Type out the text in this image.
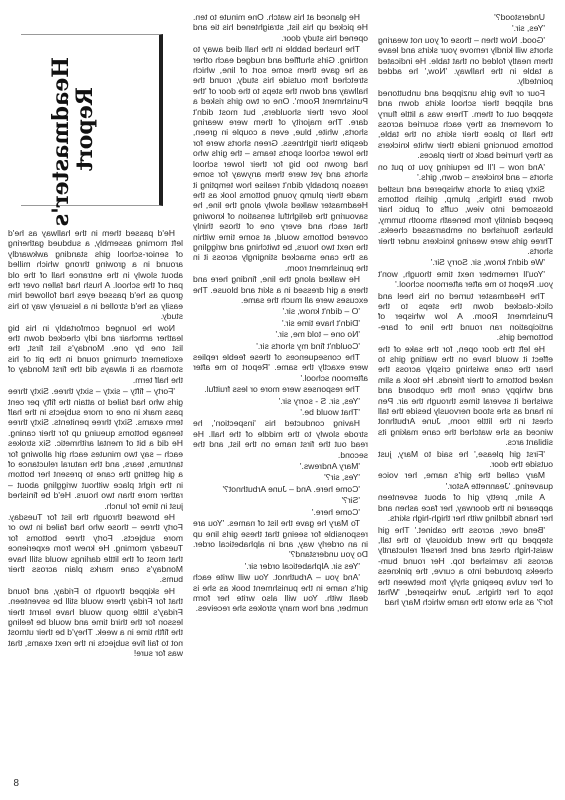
Understood?'

'Yes, sir.'

'Good. Now then – those of you not wearing shorts will kindly remove your skirts and leave them neatly folded on that table. He indicated a table in the hallway. 'Now,' he added pointedly.

Four or five girls unzipped and unbuttoned and slipped their school skirts down and stepped out of them. There was a little flurry of movement as they each scurried across the hall to place their skirts on the table, bottoms bouncing inside their white knickers as they hurried back to their places.

'And now – I'll be requiring you to put on shorts – and knickers – down, girls.'

Sixty pairs of shorts whispered and rustled down bare thighs, plump, girlish bottoms blossomed into view, cuffs of pubic hair peeped daintily from beneath smooth tummy, blushes flourished on embarrassed cheeks. Three girls were wearing knickers under their shorts.

'We didn't know, sir. Sorry Sir.'

'You'll remember next time though, won't you. Report to me after afternoon school.'

The Headmaster turned on his heel and click-clacked down the steps to the Punishment Room. A low whisper of anticipation ran round the line of bare-bottomed girls.

He left the door open, for the sake of the effect it would have on the waiting girls to hear the cane swishing crisply across the naked bottoms of their friends. He took a slim and whippy cane from the cupboard and swished it several times through the air. Pen in hand as she stood nervously beside the tall chest in the little room, June Arbuthnot winced as she watched the cane making its sibilant arcs.

'First girl please,' he said to Mary, just outside the door.

Mary called the girl's name, her voice quavering. 'Jeannette Astor.'

A slim, pretty girl of about seventeen appeared in the doorway, her face ashen and her hands fiddling with her thigh-high skirts.

'Bend over, across the cabinet.' The girl stepped up the went dubiously to the tall, waist-high chest and bent herself reluctantly across its varnished top. Her round bum-cheeks protruded into a curve, the pinkness of her vulva peeping shyly from between the tops of her thighs. June whispered, 'What for?' as she wrote the name which Mary had

He glanced at his watch. One minute to ten. He picked up his list, straightened his tie and opened his study door.

The hushed babble in the hall died away to nothing. Girls shuffled and nudged each other as he gave them some sort of line, which stretched from outside his study, round the hallway and down the steps to the door of 'the Punishment Room'. One or two girls risked a look over their shoulders, but most didn't dare. The majority of them were wearing shorts, white, blue, even a couple in green, despite their tightness. Green shorts were for the lower school sports teams – the girls who had grown too big for their lower school shorts and yet were them anyway for some reason probably didn't realise how tempting it made their plump young bottoms look as the Headmaster walked slowly along the line, he savouring the delightful sensation of knowing that each and every one of those thinly covered bottoms would, at some time within the next two hours, be twitching and wriggling as the cane smacked stingingly across it in the punishment room.

He walked along the line, finding here and there a girl dressed in a skirt and blouse. The excuses were all much the same.

'O – didn't know, sir.'

'Didn't have time sir.'

'No one – told me, sir.'

'Couldn't find my shorts sir.'

The consequences of these feeble replies were exactly the same. 'Report to me after afternoon school.'

The responses were more or less fruitful.

'Yes, sir. S - sorry sir.'

'That would be.'

Having conducted his 'inspection', he strode slowly to the middle of the hall. He read out the first name on the list, and the second.

'Mary Andrews.'

'Yes, sir?'

'Come here. And – June Arbuthnot?'

'Sir?'

'Come here.'

To Mary he gave the list of names. 'You are responsible for seeing that these girls line up in an orderly way, and in alphabetical order. Do you understand?'

'Yes sir. Alphabetical order sir.'

'And you – Arbuthnot. You will write each girl's name in the punishment book as she is dealt with. You will also write her form number, and how many strokes she receives.

Headmaster's
Report

He'd passed them in the hallway as he'd left morning assembly, a subdued gathering of senior-school girls standing awkwardly around in a growing throng which milled about slowly in the entrance hall of the old part of the school. A hush had fallen over the group as he'd passed eyes had followed him easily as he'd strolled in a leisurely way to his study.

Now he lounged comfortably in his big leather armchair and idly checked down the list one by one. Monday's list first, the excitement churning round in the pit of his stomach as it always did the first Monday of the half term.

'Forty – fifty – sixty – sixty three. Sixty three girls who had failed to attain the fifty per cent pass mark in one or more subjects in the half term exams. Sixty three penitents. Sixty three teenage bottoms queuing up for their caning. He did a bit of mental arithmetic. Six strokes each – say two minutes each girl allowing for tantrums, tears, and the natural reluctance of a girl getting the cane to present her bottom in the right place without wriggling about – rather more than two hours. He'd be finished just in time for lunch.

He browsed through the list for Tuesday. Forty three – those who had failed in two or more subjects. Forty three bottoms for Tuesday morning. He knew from experience that most of the little darlings would still have Monday's cane marks plain across their bums.

He skipped through to Friday, and found that for Friday there would still be seventeen. Friday's little group would have learnt their lesson for the third time and would be feeling the fifth time in a week. They'd be their utmost not to fail five subjects in the next exams, that was for sure!

8
